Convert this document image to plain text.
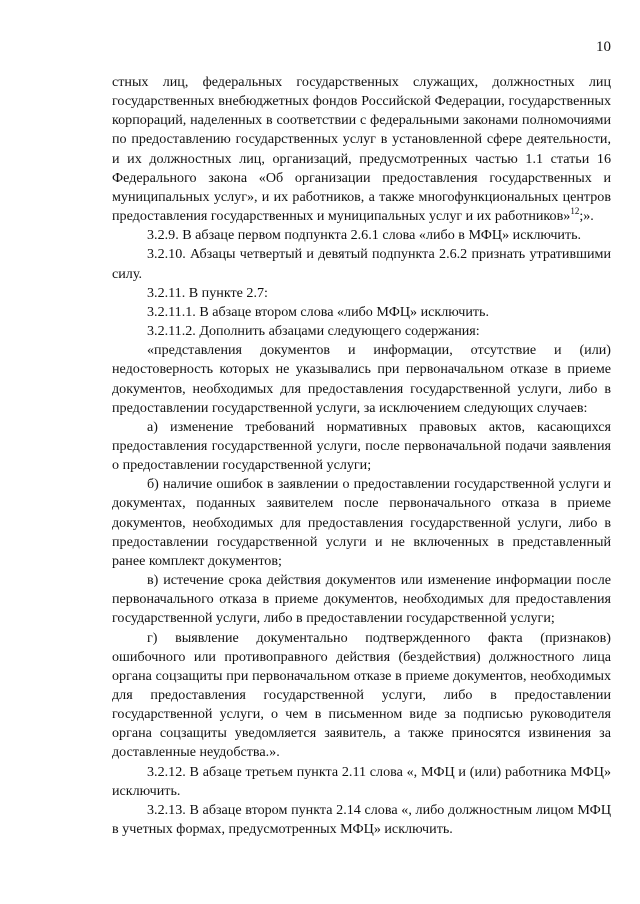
10

стных лиц, федеральных государственных служащих, должностных лиц государственных внебюджетных фондов Российской Федерации, государственных корпораций, наделенных в соответствии с федеральными законами полномочиями по предоставлению государственных услуг в установленной сфере деятельности, и их должностных лиц, организаций, предусмотренных частью 1.1 статьи 16 Федерального закона «Об организации предоставления государственных и муниципальных услуг», и их работников, а также многофункциональных центров предоставления государственных и муниципальных услуг и их работников»$^{12}$;».

3.2.9. В абзаце первом подпункта 2.6.1 слова «либо в МФЦ» исключить.

3.2.10. Абзацы четвертый и девятый подпункта 2.6.2 признать утратившими силу.

3.2.11. В пункте 2.7:

3.2.11.1. В абзаце втором слова «либо МФЦ» исключить.

3.2.11.2. Дополнить абзацами следующего содержания:

«представления документов и информации, отсутствие и (или) недостоверность которых не указывались при первоначальном отказе в приеме документов, необходимых для предоставления государственной услуги, либо в предоставлении государственной услуги, за исключением следующих случаев:

а) изменение требований нормативных правовых актов, касающихся предоставления государственной услуги, после первоначальной подачи заявления о предоставлении государственной услуги;

б) наличие ошибок в заявлении о предоставлении государственной услуги и документах, поданных заявителем после первоначального отказа в приеме документов, необходимых для предоставления государственной услуги, либо в предоставлении государственной услуги и не включенных в представленный ранее комплект документов;

в) истечение срока действия документов или изменение информации после первоначального отказа в приеме документов, необходимых для предоставления государственной услуги, либо в предоставлении государственной услуги;

г) выявление документально подтвержденного факта (признаков) ошибочного или противоправного действия (бездействия) должностного лица органа соцзащиты при первоначальном отказе в приеме документов, необходимых для предоставления государственной услуги, либо в предоставлении государственной услуги, о чем в письменном виде за подписью руководителя органа соцзащиты уведомляется заявитель, а также приносятся извинения за доставленные неудобства.».

3.2.12. В абзаце третьем пункта 2.11 слова «, МФЦ и (или) работника МФЦ» исключить.

3.2.13. В абзаце втором пункта 2.14 слова «, либо должностным лицом МФЦ в учетных формах, предусмотренных МФЦ» исключить.
